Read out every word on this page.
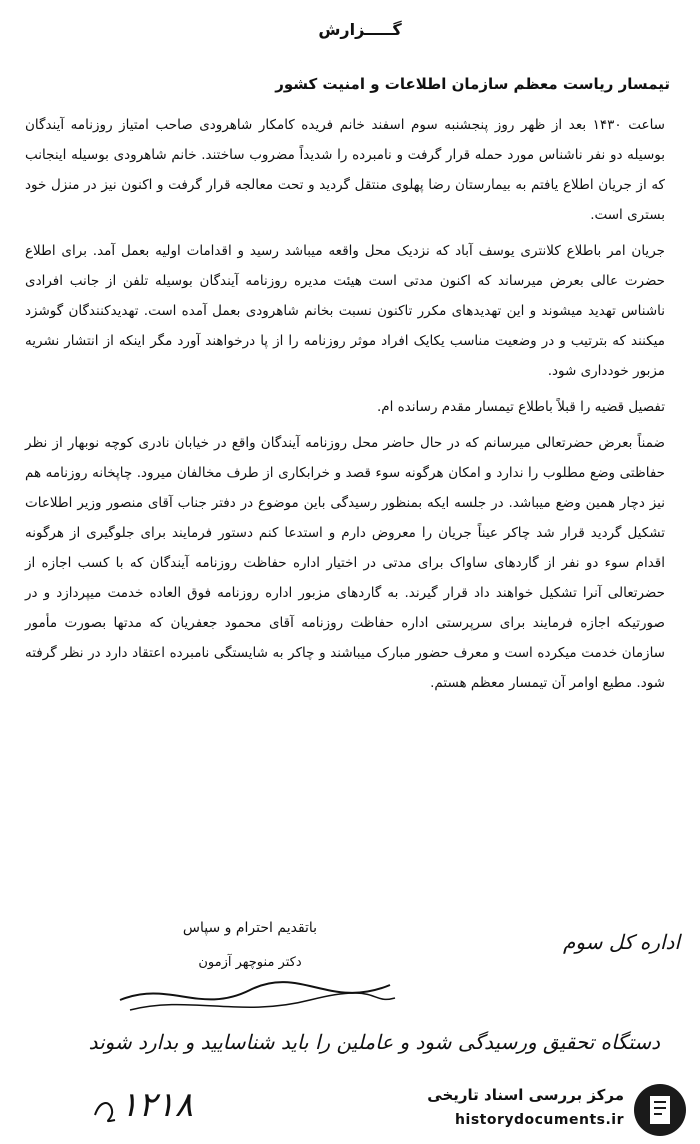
گـــــزارش
تیمسار ریاست معظم سازمان اطلاعات و امنیت کشور

ساعت ۱۴۳۰ بعد از ظهر روز پنجشنبه سوم اسفند خانم فریده کامکار شاهرودی صاحب امتیاز روزنامه آیندگان بوسیله دو نفر ناشناس مورد حمله قرار گرفت و نامبرده را شدیداً مضروب ساختند. خانم شاهرودی بوسیله اینجانب که از جریان اطلاع یافتم به بیمارستان رضا پهلوی منتقل گردید و تحت معالجه قرار گرفت و اکنون نیز در منزل خود بستری است.

جریان امر باطلاع کلانتری یوسف آباد که نزدیک محل واقعه میباشد رسید و اقدامات اولیه بعمل آمد. برای اطلاع حضرت عالی بعرض میرساند که اکنون مدتی است هیئت مدیره روزنامه آیندگان بوسیله تلفن از جانب افرادی ناشناس تهدید میشوند و این تهدیدهای مکرر تاکنون نسبت بخانم شاهرودی بعمل آمده است. تهدیدکنندگان گوشزد میکنند که بترتیب و در وضعیت مناسب یکایک افراد موثر روزنامه را از پا درخواهند آورد مگر اینکه از انتشار نشریه مزبور خودداری شود.

تفصیل قضیه را قبلاً باطلاع تیمسار مقدم رسانده ام.

ضمناً بعرض حضرتعالی میرسانم که در حال حاضر محل روزنامه آیندگان واقع در خیابان نادری کوچه نوبهار از نظر حفاظتی وضع مطلوب را ندارد و امکان هرگونه سوء قصد و خرابکاری از طرف مخالفان میرود. چاپخانه روزنامه هم نیز دچار همین وضع میباشد. در جلسه ایکه بمنظور رسیدگی باین موضوع در دفتر جناب آقای منصور وزیر اطلاعات تشکیل گردید قرار شد چاکر عیناً جریان را معروض دارم و استدعا کنم دستور فرمایند برای جلوگیری از هرگونه اقدام سوء دو نفر از گاردهای ساواک برای مدتی در اختیار اداره حفاظت روزنامه آیندگان که با کسب اجازه از حضرتعالی آنرا تشکیل خواهند داد قرار گیرند. به گاردهای مزبور اداره روزنامه فوق العاده خدمت میپردازد و در صورتیکه اجازه فرمایند برای سرپرستی اداره حفاظت روزنامه آقای محمود جعفریان که مدتها بصورت مأمور سازمان خدمت میکرده است و معرف حضور مبارک میباشند و چاکر به شایستگی نامبرده اعتقاد دارد در نظر گرفته شود. مطیع اوامر آن تیمسار معظم هستم.

باتقدیم احترام و سپاس
دکتر منوچهر آزمون
اداره کل سوم
دستگاه تحقیق ورسیدگی شود و عاملین را باید شناسایید و بدارد شوند
۱۲۱۸	مرکز بررسی اسناد تاریخی
historydocuments.ir
